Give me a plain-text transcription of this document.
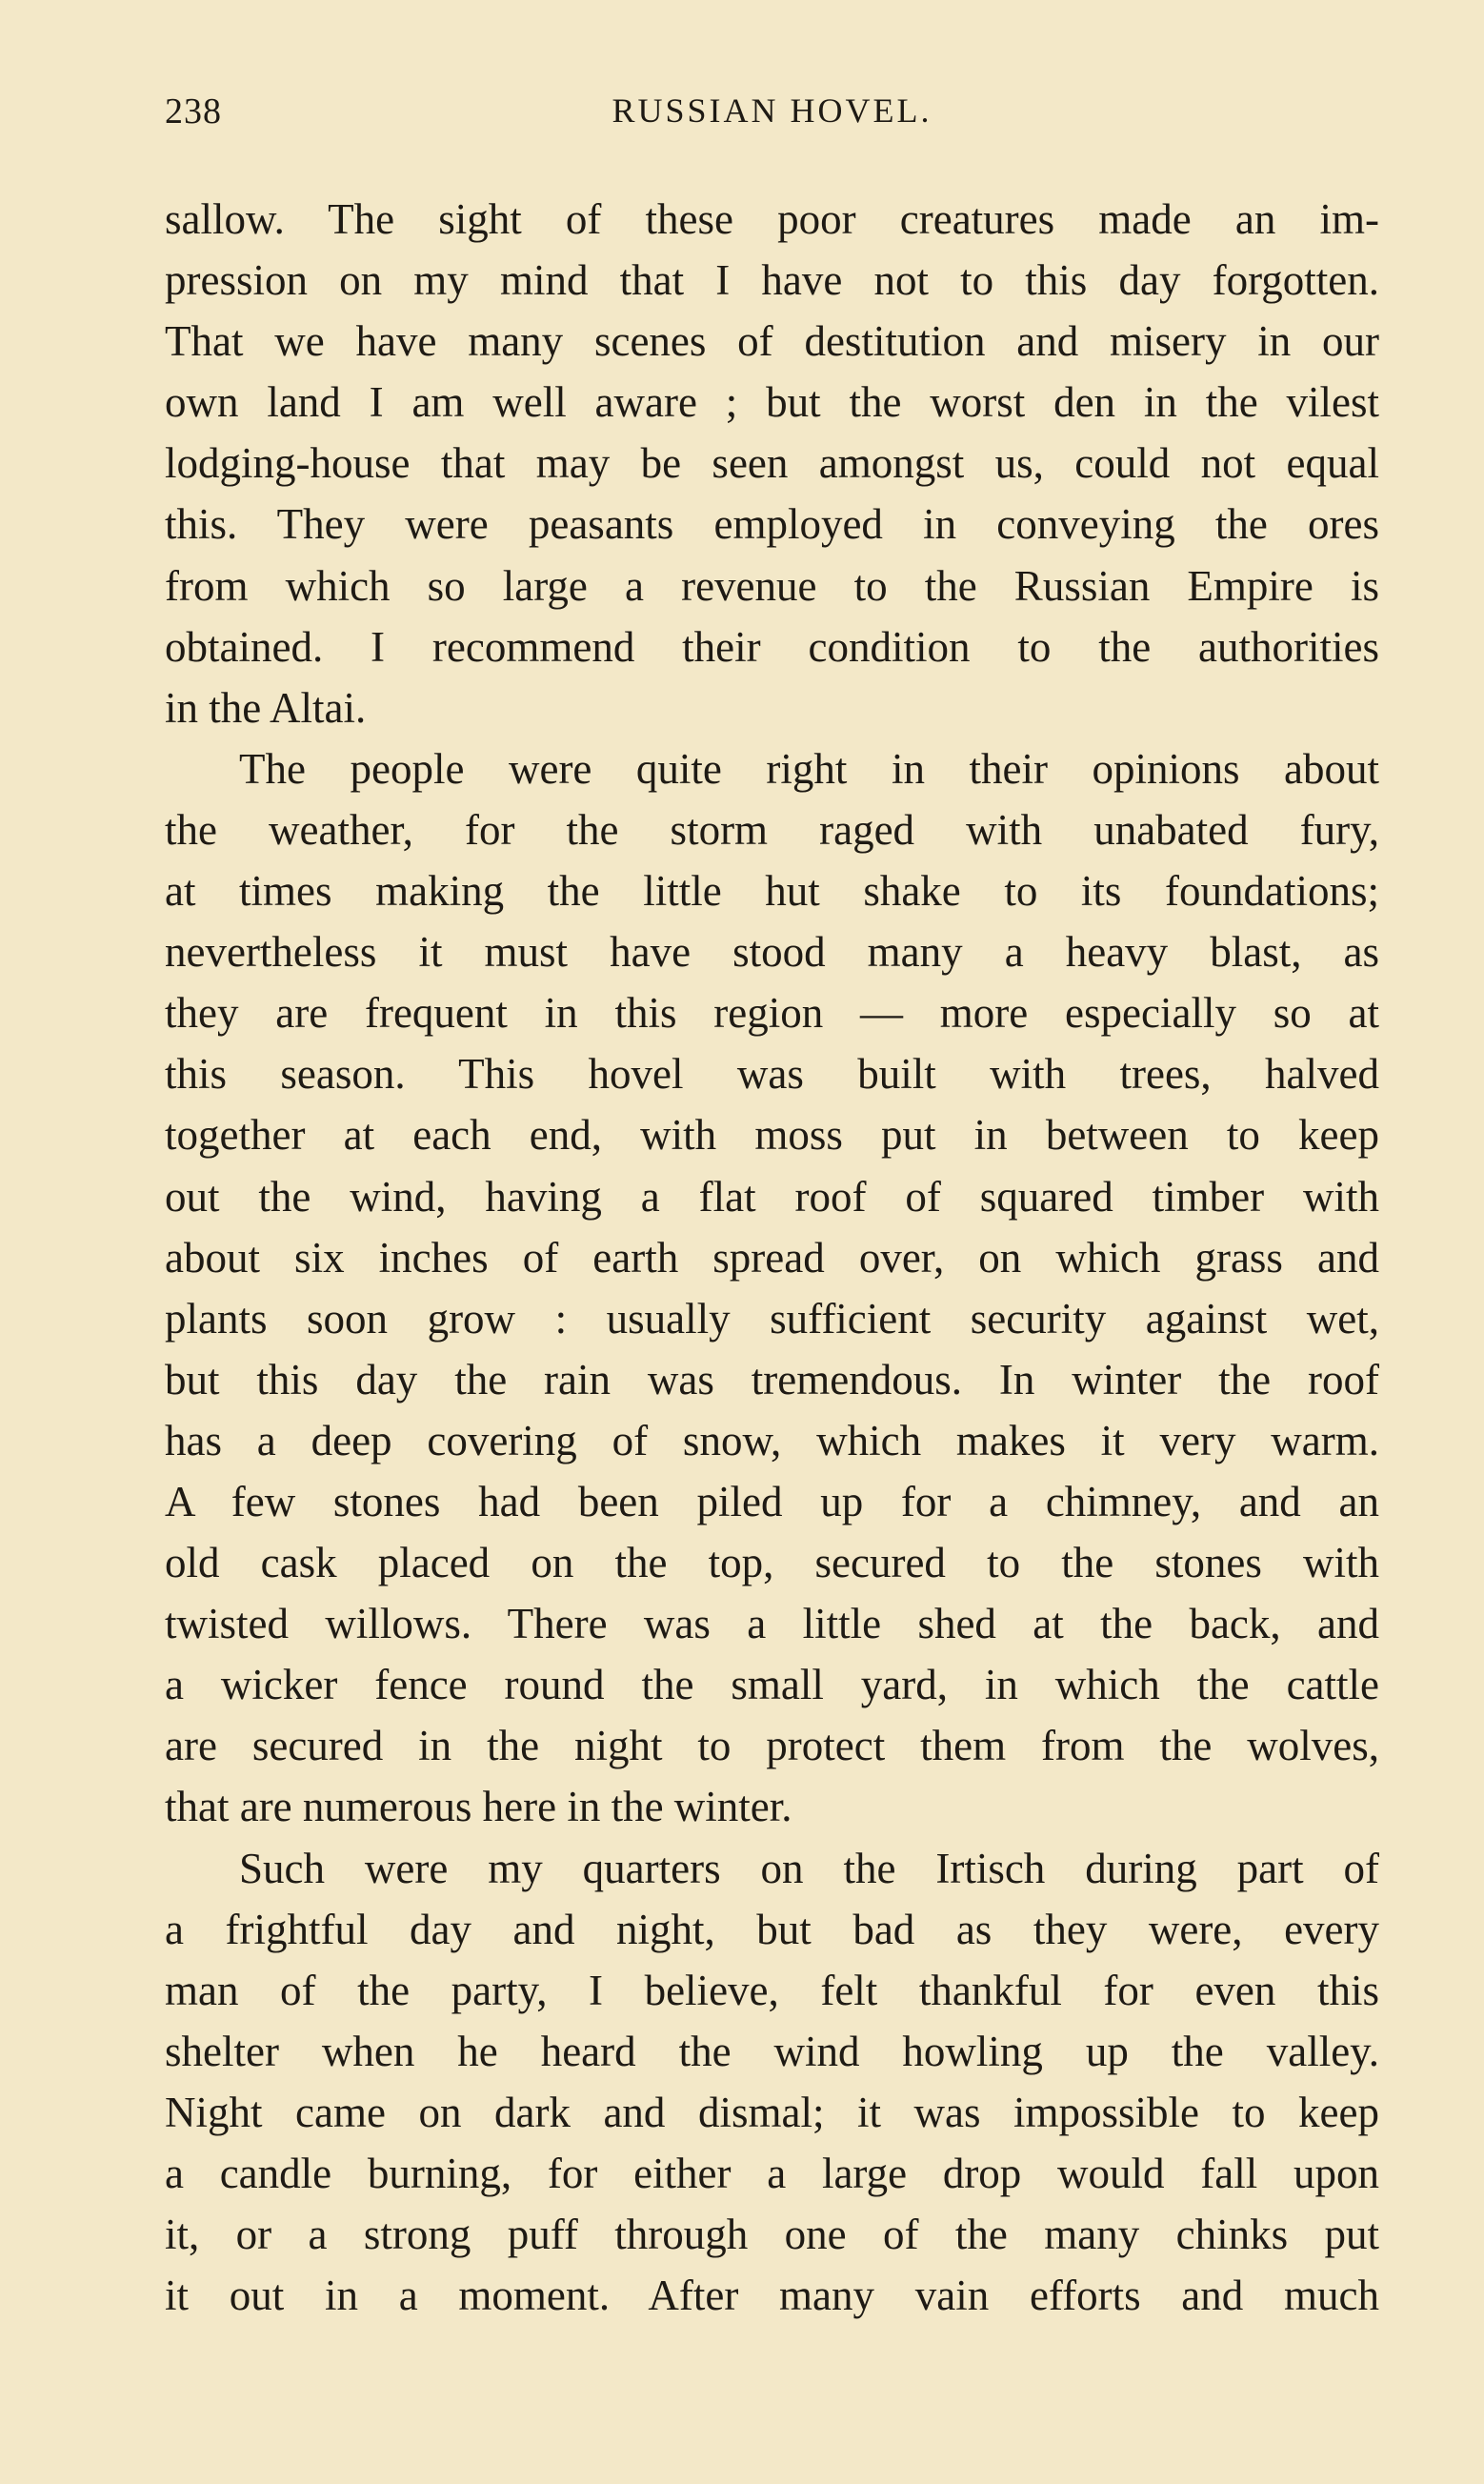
238	RUSSIAN HOVEL.
sallow. The sight of these poor creatures made an im-
pression on my mind that I have not to this day forgotten.
That we have many scenes of destitution and misery in our
own land I am well aware ; but the worst den in the vilest
lodging-house that may be seen amongst us, could not equal
this. They were peasants employed in conveying the ores
from which so large a revenue to the Russian Empire is
obtained. I recommend their condition to the authorities
in the Altai.
The people were quite right in their opinions about
the weather, for the storm raged with unabated fury,
at times making the little hut shake to its foundations;
nevertheless it must have stood many a heavy blast, as
they are frequent in this region — more especially so at
this season. This hovel was built with trees, halved
together at each end, with moss put in between to keep
out the wind, having a flat roof of squared timber with
about six inches of earth spread over, on which grass and
plants soon grow : usually sufficient security against wet,
but this day the rain was tremendous. In winter the roof
has a deep covering of snow, which makes it very warm.
A few stones had been piled up for a chimney, and an
old cask placed on the top, secured to the stones with
twisted willows. There was a little shed at the back, and
a wicker fence round the small yard, in which the cattle
are secured in the night to protect them from the wolves,
that are numerous here in the winter.
Such were my quarters on the Irtisch during part of
a frightful day and night, but bad as they were, every
man of the party, I believe, felt thankful for even this
shelter when he heard the wind howling up the valley.
Night came on dark and dismal; it was impossible to keep
a candle burning, for either a large drop would fall upon
it, or a strong puff through one of the many chinks put
it out in a moment. After many vain efforts and much
